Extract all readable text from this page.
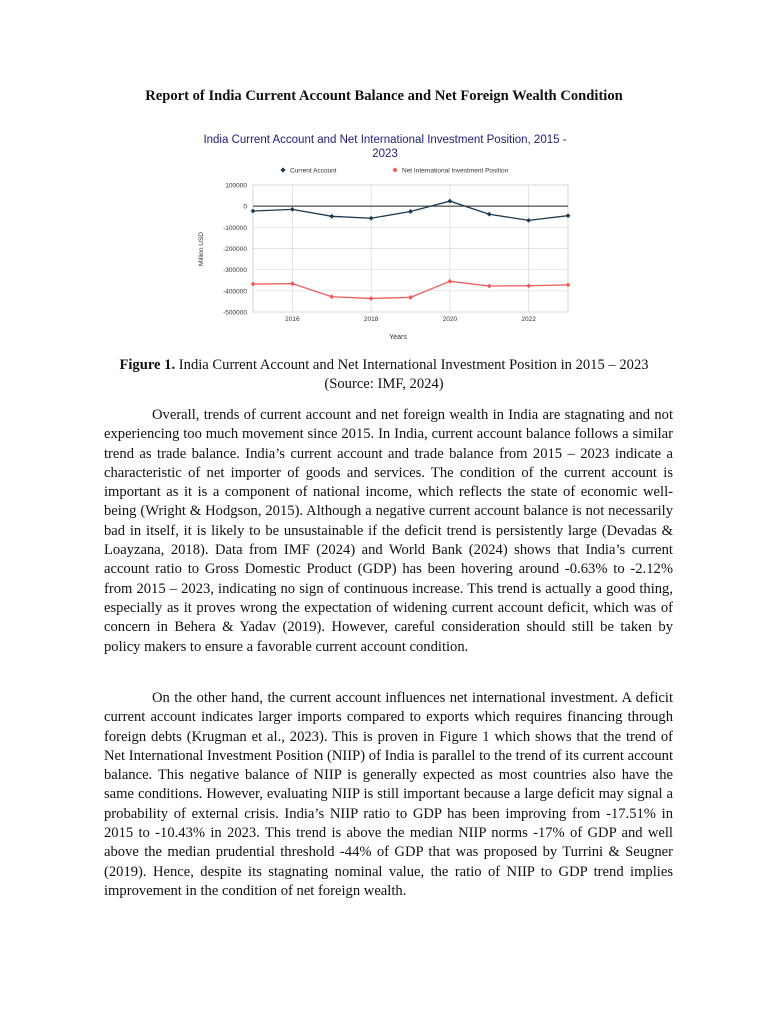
Report of India Current Account Balance and Net Foreign Wealth Condition
India Current Account and Net International Investment Position, 2015 -
2023
Current Account	Net International Investment Position
100000
0
-100000
-200000
-300000
-400000
-500000
2016	2018	2020	2022
Years
Million USD

Figure 1. India Current Account and Net International Investment Position in 2015 – 2023
(Source: IMF, 2024)

Overall, trends of current account and net foreign wealth in India are stagnating and not experiencing too much movement since 2015. In India, current account balance follows a similar trend as trade balance. India’s current account and trade balance from 2015 – 2023 indicate a characteristic of net importer of goods and services. The condition of the current account is important as it is a component of national income, which reflects the state of economic well-being (Wright & Hodgson, 2015). Although a negative current account balance is not necessarily bad in itself, it is likely to be unsustainable if the deficit trend is persistently large (Devadas & Loayzana, 2018). Data from IMF (2024) and World Bank (2024) shows that India’s current account ratio to Gross Domestic Product (GDP) has been hovering around -0.63% to -2.12% from 2015 – 2023, indicating no sign of continuous increase. This trend is actually a good thing, especially as it proves wrong the expectation of widening current account deficit, which was of concern in Behera & Yadav (2019). However, careful consideration should still be taken by policy makers to ensure a favorable current account condition.

On the other hand, the current account influences net international investment. A deficit current account indicates larger imports compared to exports which requires financing through foreign debts (Krugman et al., 2023). This is proven in Figure 1 which shows that the trend of Net International Investment Position (NIIP) of India is parallel to the trend of its current account balance. This negative balance of NIIP is generally expected as most countries also have the same conditions. However, evaluating NIIP is still important because a large deficit may signal a probability of external crisis. India’s NIIP ratio to GDP has been improving from -17.51% in 2015 to -10.43% in 2023. This trend is above the median NIIP norms -17% of GDP and well above the median prudential threshold -44% of GDP that was proposed by Turrini & Seugner (2019). Hence, despite its stagnating nominal value, the ratio of NIIP to GDP trend implies improvement in the condition of net foreign wealth.
